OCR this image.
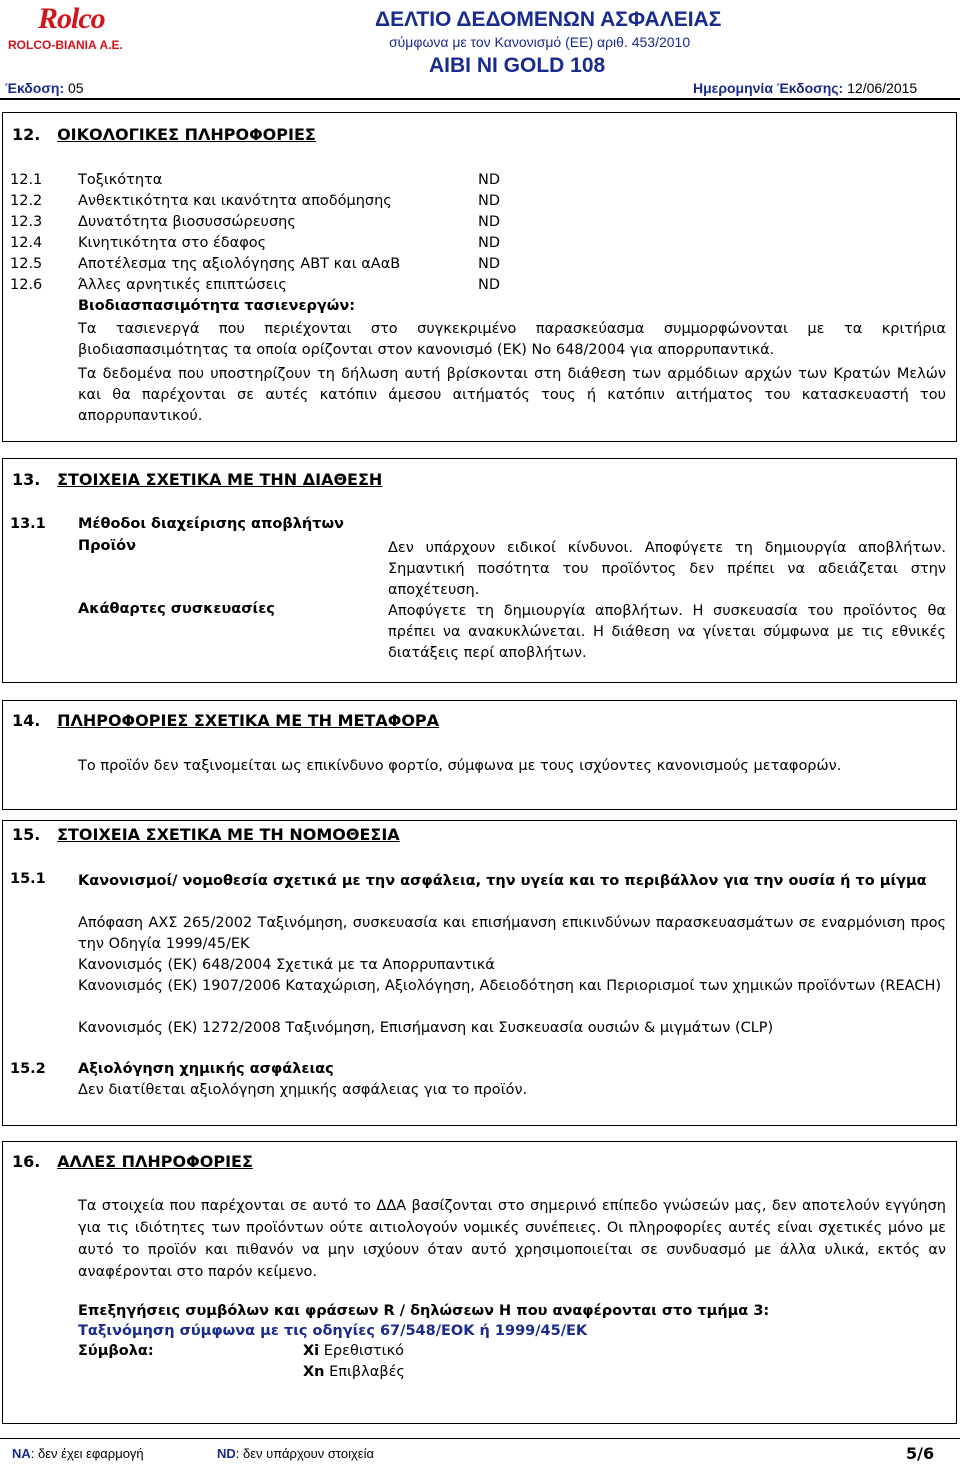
Rolco
ROLCO-ΒΙΑΝΙΑ Α.Ε.
ΔΕΛΤΙΟ ΔΕΔΟΜΕΝΩΝ ΑΣΦΑΛΕΙΑΣ
σύμφωνα με τον Κανονισμό (ΕΕ) αριθ. 453/2010
AIBI NI GOLD 108
Έκδοση: 05	Ημερομηνία Έκδοσης: 12/06/2015
12. ΟΙΚΟΛΟΓΙΚΕΣ ΠΛΗΡΟΦΟΡΙΕΣ
12.1 Τοξικότητα	ND
12.2 Ανθεκτικότητα και ικανότητα αποδόμησης	ND
12.3 Δυνατότητα βιοσυσσώρευσης	ND
12.4 Κινητικότητα στο έδαφος	ND
12.5 Αποτέλεσμα της αξιολόγησης ΑΒΤ και αΑαΒ	ND
12.6 Άλλες αρνητικές επιπτώσεις	ND
Βιοδιασπασιμότητα τασιενεργών:

Τα τασιενεργά που περιέχονται στο συγκεκριμένο παρασκεύασμα συμμορφώνονται με τα κριτήρια βιοδιασπασιμότητας τα οποία ορίζονται στον κανονισμό (ΕΚ) Νο 648/2004 για απορρυπαντικά.

Τα δεδομένα που υποστηρίζουν τη δήλωση αυτή βρίσκονται στη διάθεση των αρμόδιων αρχών των Κρατών Μελών και θα παρέχονται σε αυτές κατόπιν άμεσου αιτήματός τους ή κατόπιν αιτήματος του κατασκευαστή του απορρυπαντικού.

13. ΣΤΟΙΧΕΙΑ ΣΧΕΤΙΚΑ ΜΕ ΤΗΝ ΔΙΑΘΕΣΗ
13.1 Μέθοδοι διαχείρισης αποβλήτων
Προϊόν	Δεν υπάρχουν ειδικοί κίνδυνοι. Αποφύγετε τη δημιουργία αποβλήτων. Σημαντική ποσότητα του προϊόντος δεν πρέπει να αδειάζεται στην αποχέτευση.

Ακάθαρτες συσκευασίες	Αποφύγετε τη δημιουργία αποβλήτων. Η συσκευασία του προϊόντος θα πρέπει να ανακυκλώνεται. Η διάθεση να γίνεται σύμφωνα με τις εθνικές διατάξεις περί αποβλήτων.

14. ΠΛΗΡΟΦΟΡΙΕΣ ΣΧΕΤΙΚΑ ΜΕ ΤΗ ΜΕΤΑΦΟΡΑ
Το προϊόν δεν ταξινομείται ως επικίνδυνο φορτίο, σύμφωνα με τους ισχύοντες κανονισμούς μεταφορών.
15. ΣΤΟΙΧΕΙΑ ΣΧΕΤΙΚΑ ΜΕ ΤΗ ΝΟΜΟΘΕΣΙΑ
15.1 Κανονισμοί/ νομοθεσία σχετικά με την ασφάλεια, την υγεία και το περιβάλλον για την ουσία ή το μίγμα

Απόφαση ΑΧΣ 265/2002 Ταξινόμηση, συσκευασία και επισήμανση επικινδύνων παρασκευασμάτων σε εναρμόνιση προς την Οδηγία 1999/45/ΕΚ

Κανονισμός (ΕΚ) 648/2004 Σχετικά με τα Απορρυπαντικά

Κανονισμός (ΕΚ) 1907/2006 Καταχώριση, Αξιολόγηση, Αδειοδότηση και Περιορισμοί των χημικών προϊόντων (REACH)

Κανονισμός (ΕΚ) 1272/2008 Ταξινόμηση, Επισήμανση και Συσκευασία ουσιών & μιγμάτων (CLP)

15.2 Αξιολόγηση χημικής ασφάλειας
Δεν διατίθεται αξιολόγηση χημικής ασφάλειας για το προϊόν.
16. ΑΛΛΕΣ ΠΛΗΡΟΦΟΡΙΕΣ

Τα στοιχεία που παρέχονται σε αυτό το ΔΔΑ βασίζονται στο σημερινό επίπεδο γνώσεών μας, δεν αποτελούν εγγύηση για τις ιδιότητες των προϊόντων ούτε αιτιολογούν νομικές συνέπειες. Οι πληροφορίες αυτές είναι σχετικές μόνο με αυτό το προϊόν και πιθανόν να μην ισχύουν όταν αυτό χρησιμοποιείται σε συνδυασμό με άλλα υλικά, εκτός αν αναφέρονται στο παρόν κείμενο.

Επεξηγήσεις συμβόλων και φράσεων R / δηλώσεων Η που αναφέρονται στο τμήμα 3:
Ταξινόμηση σύμφωνα με τις οδηγίες 67/548/ΕΟΚ ή 1999/45/ΕΚ
Σύμβολα:	Xi Ερεθιστικό
Xn Επιβλαβές
NA: δεν έχει εφαρμογή	ND: δεν υπάρχουν στοιχεία	5/6
